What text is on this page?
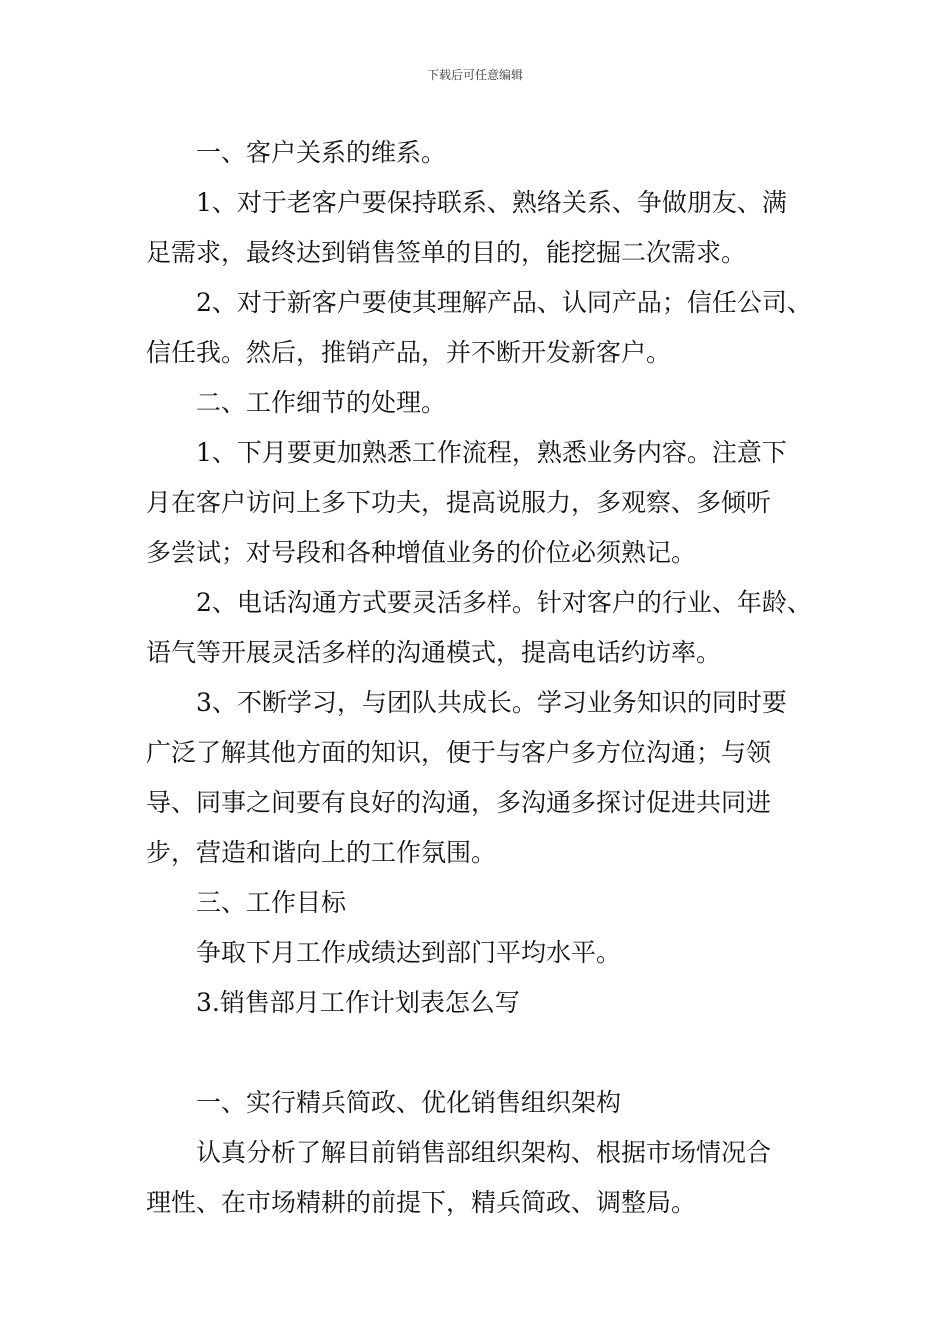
下载后可任意编辑
一、客户关系的维系。
1、对于老客户要保持联系、熟络关系、争做朋友、满
足需求，最终达到销售签单的目的，能挖掘二次需求。
2、对于新客户要使其理解产品、认同产品；信任公司、
信任我。然后，推销产品，并不断开发新客户。
二、工作细节的处理。
1、下月要更加熟悉工作流程，熟悉业务内容。注意下
月在客户访问上多下功夫，提高说服力，多观察、多倾听
多尝试；对号段和各种增值业务的价位必须熟记。
2、电话沟通方式要灵活多样。针对客户的行业、年龄、
语气等开展灵活多样的沟通模式，提高电话约访率。
3、不断学习，与团队共成长。学习业务知识的同时要
广泛了解其他方面的知识，便于与客户多方位沟通；与领
导、同事之间要有良好的沟通，多沟通多探讨促进共同进
步，营造和谐向上的工作氛围。
三、工作目标
争取下月工作成绩达到部门平均水平。
3.销售部月工作计划表怎么写
一、实行精兵简政、优化销售组织架构
认真分析了解目前销售部组织架构、根据市场情况合
理性、在市场精耕的前提下，精兵简政、调整局。
